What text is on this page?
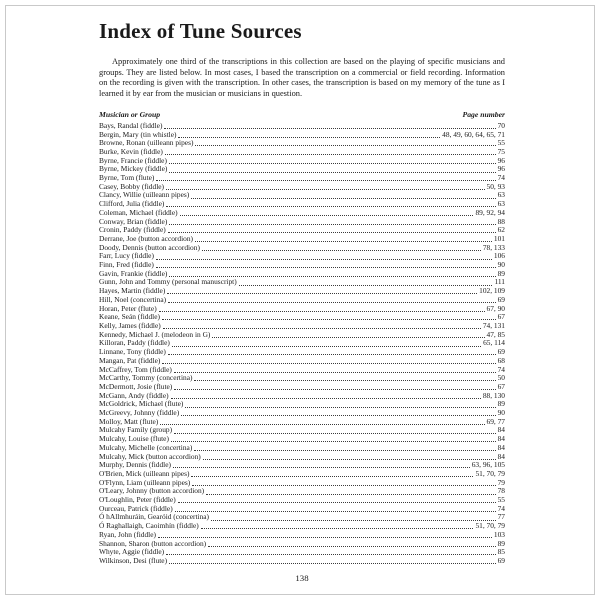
Index of Tune Sources

Approximately one third of the transcriptions in this collection are based on the playing of specific musicians and groups. They are listed below. In most cases, I based the transcription on a commercial or field recording. Information on the recording is given with the transcription. In other cases, the transcription is based on my memory of the tune as I learned it by ear from the musician or musicians in question.

Musician or Group	Page number
Bays, Randal (fiddle)	70
Bergin, Mary (tin whistle)	48, 49, 60, 64, 65, 71
Browne, Ronan (uilleann pipes)	55
Burke, Kevin (fiddle)	75
Byrne, Francie (fiddle)	96
Byrne, Mickey (fiddle)	96
Byrne, Tom (flute)	74
Casey, Bobby (fiddle)	50, 93
Clancy, Willie (uilleann pipes)	63
Clifford, Julia (fiddle)	63
Coleman, Michael (fiddle)	89, 92, 94
Conway, Brian (fiddle)	88
Cronin, Paddy (fiddle)	62
Derrane, Joe (button accordion)	101
Doody, Dennis (button accordion)	78, 133
Farr, Lucy (fiddle)	106
Finn, Fred (fiddle)	90
Gavin, Frankie (fiddle)	89
Gunn, John and Tommy (personal manuscript)	111
Hayes, Martin (fiddle)	102, 109
Hill, Noel (concertina)	69
Horan, Peter (flute)	67, 90
Keane, Seán (fiddle)	67
Kelly, James (fiddle)	74, 131
Kennedy, Michael J. (melodeon in G)	47, 85
Killoran, Paddy (fiddle)	65, 114
Linnane, Tony (fiddle)	69
Mangan, Pat (fiddle)	68
McCaffrey, Tom (fiddle)	74
McCarthy, Tommy (concertina)	50
McDermott, Josie (flute)	67
McGann, Andy (fiddle)	88, 130
McGoldrick, Michael (flute)	89
McGreevy, Johnny (fiddle)	90
Molloy, Matt (flute)	69, 77
Mulcahy Family (group)	84
Mulcahy, Louise (flute)	84
Mulcahy, Michelle (concertina)	84
Mulcahy, Mick (button accordion)	84
Murphy, Dennis (fiddle)	63, 96, 105
O'Brien, Mick (uilleann pipes)	51, 70, 79
O'Flynn, Liam (uilleann pipes)	79
O'Leary, Johnny (button accordion)	78
O'Loughlin, Peter (fiddle)	55
Ourceau, Patrick (fiddle)	74
Ó hAllmhuráin, Gearóid (concertina)	77
Ó Raghallaigh, Caoimhín (fiddle)	51, 70, 79
Ryan, John (fiddle)	103
Shannon, Sharon (button accordion)	89
Whyte, Aggie (fiddle)	85
Wilkinson, Desi (flute)	69
138
